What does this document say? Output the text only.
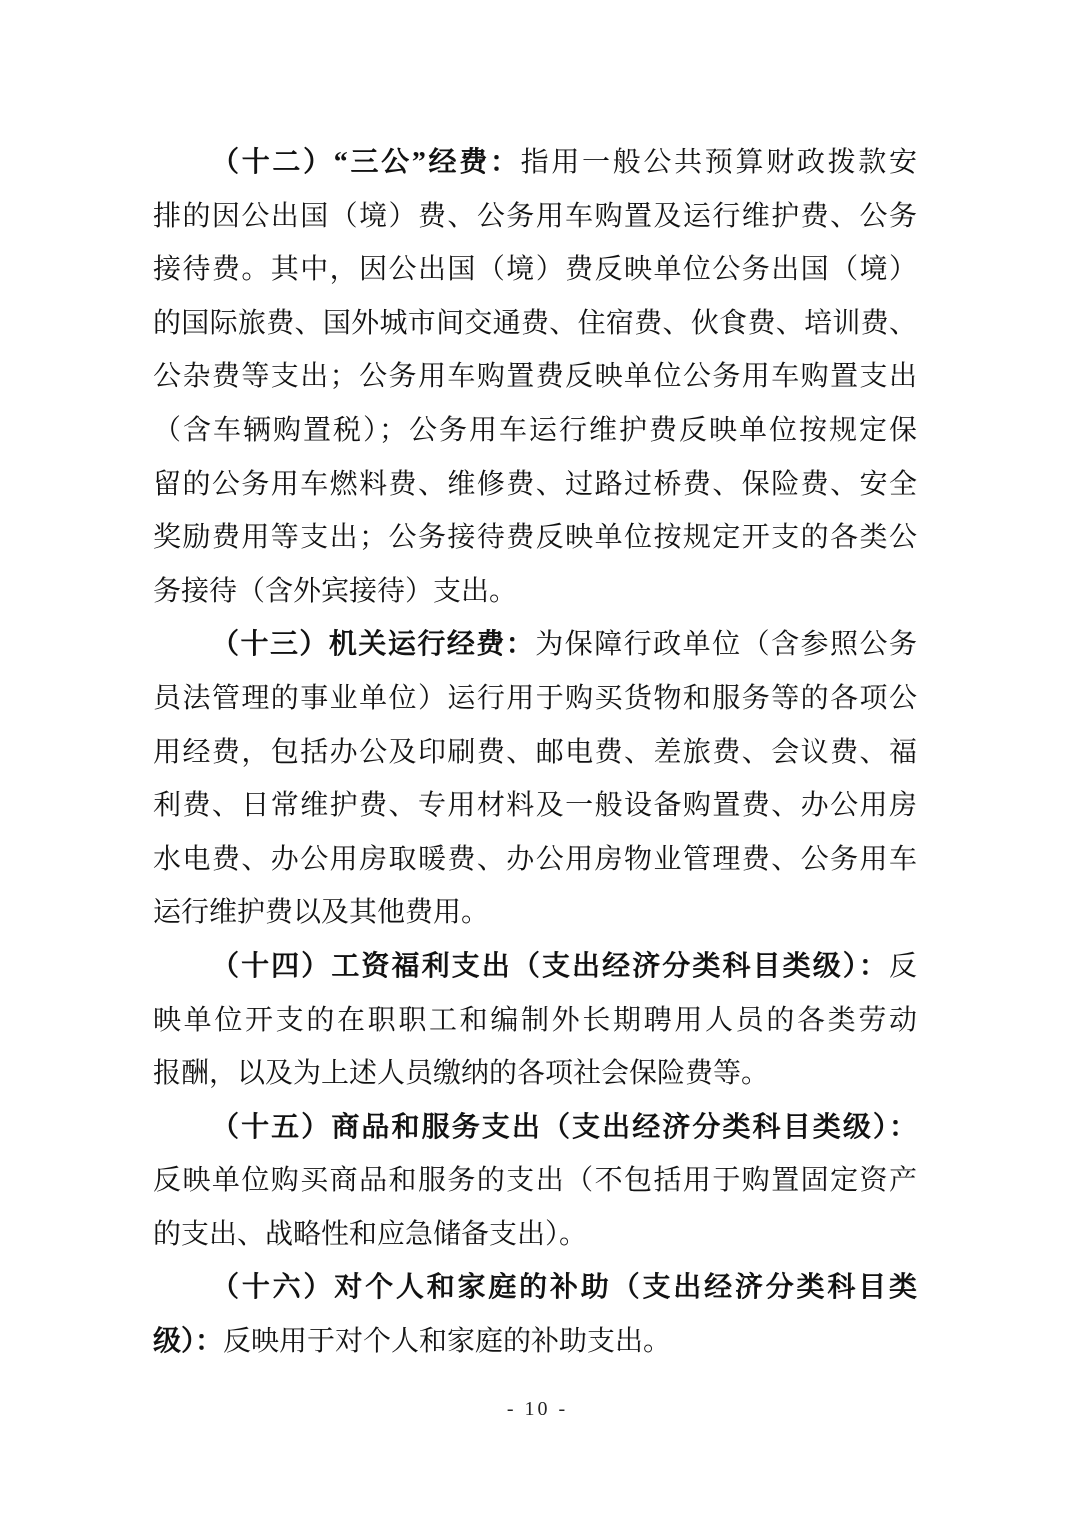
（十二）“三公”经费：指用一般公共预算财政拨款安
排的因公出国（境）费、公务用车购置及运行维护费、公务
接待费。其中，因公出国（境）费反映单位公务出国（境）
的国际旅费、国外城市间交通费、住宿费、伙食费、培训费、
公杂费等支出；公务用车购置费反映单位公务用车购置支出
（含车辆购置税）；公务用车运行维护费反映单位按规定保
留的公务用车燃料费、维修费、过路过桥费、保险费、安全
奖励费用等支出；公务接待费反映单位按规定开支的各类公
务接待（含外宾接待）支出。
（十三）机关运行经费：为保障行政单位（含参照公务
员法管理的事业单位）运行用于购买货物和服务等的各项公
用经费，包括办公及印刷费、邮电费、差旅费、会议费、福
利费、日常维护费、专用材料及一般设备购置费、办公用房
水电费、办公用房取暖费、办公用房物业管理费、公务用车
运行维护费以及其他费用。
（十四）工资福利支出（支出经济分类科目类级）：反
映单位开支的在职职工和编制外长期聘用人员的各类劳动
报酬，以及为上述人员缴纳的各项社会保险费等。
（十五）商品和服务支出（支出经济分类科目类级）：
反映单位购买商品和服务的支出（不包括用于购置固定资产
的支出、战略性和应急储备支出）。
（十六）对个人和家庭的补助（支出经济分类科目类
级）：反映用于对个人和家庭的补助支出。
- 10 -
